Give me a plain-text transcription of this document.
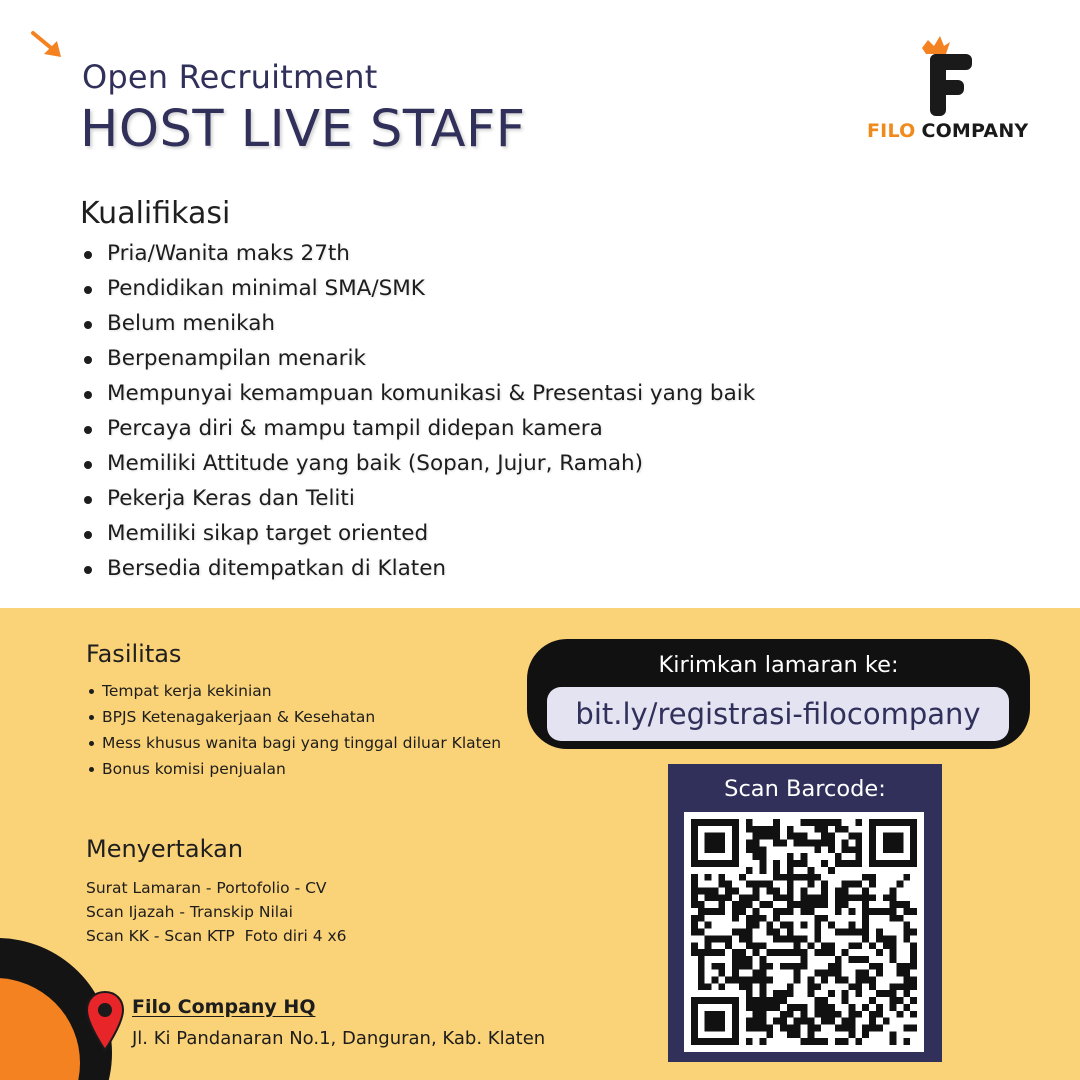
Open Recruitment
HOST LIVE STAFF	FILO COMPANY
Kualifikasi
Pria/Wanita maks 27th
Pendidikan minimal SMA/SMK
Belum menikah
Berpenampilan menarik
Mempunyai kemampuan komunikasi & Presentasi yang baik
Percaya diri & mampu tampil didepan kamera
Memiliki Attitude yang baik (Sopan, Jujur, Ramah)
Pekerja Keras dan Teliti
Memiliki sikap target oriented
Bersedia ditempatkan di Klaten
Fasilitas
Tempat kerja kekinian
BPJS Ketenagakerjaan & Kesehatan
Mess khusus wanita bagi yang tinggal diluar Klaten
Bonus komisi penjualan
Menyertakan
Surat Lamaran - Portofolio - CV
Scan Ijazah - Transkip Nilai
Scan KK - Scan KTP  Foto diri 4 x6
Filo Company HQ
Jl. Ki Pandanaran No.1, Danguran, Kab. Klaten
Kirimkan lamaran ke:
bit.ly/registrasi-filocompany
Scan Barcode:
